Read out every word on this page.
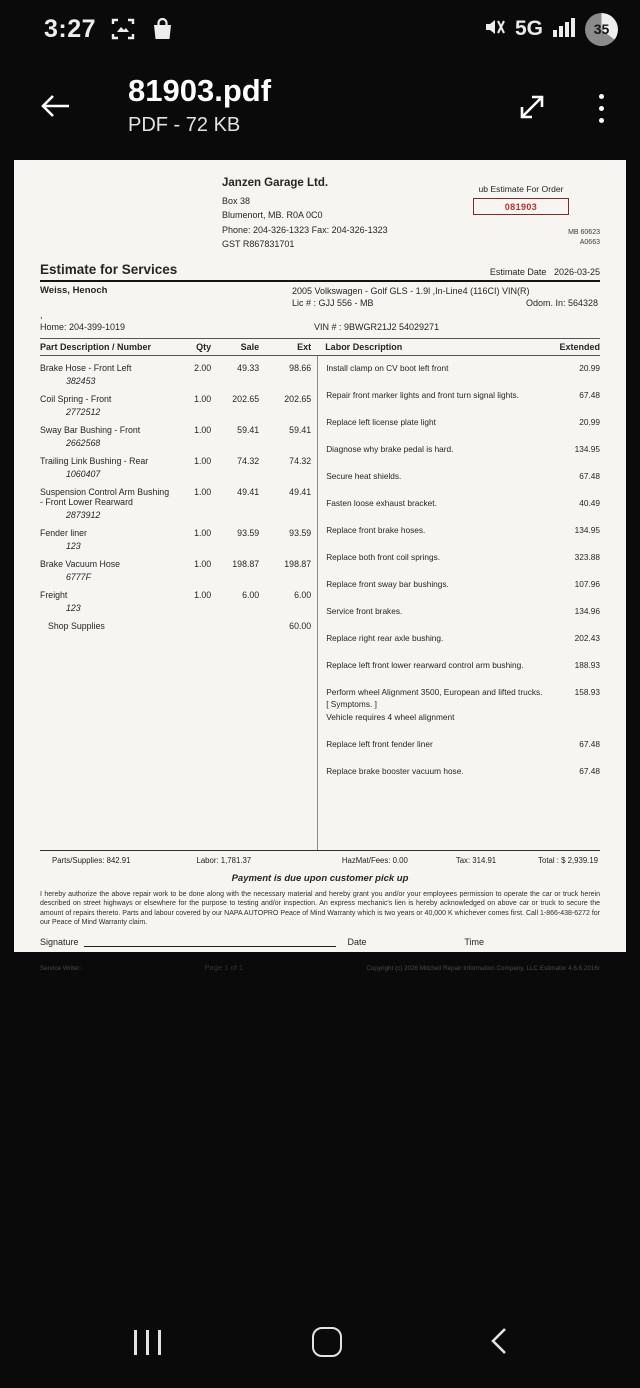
3:27	5G	35
81903.pdf
PDF - 72 KB
Janzen Garage Ltd.
Box 38
Blumenort, MB. R0A 0C0
Phone: 204-326-1323 Fax: 204-326-1323
GST R867831701
ub Estimate For Order
081903
MB 60623
A0663
Estimate for Services	Estimate Date 2026-03-25
Weiss, Henoch

,
Home: 204-399-1019
2005 Volkswagen - Golf GLS - 1.9l ,In-Line4 (116CI) VIN(R)
Lic # : GJJ 556 - MB	Odom. In: 564328
VIN # : 9BWGR21J2 54029271
Part Description / Number	Qty	Sale	Ext	Labor Description	Extended
Brake Hose - Front Left	2.00	49.33	98.66
382453
Coil Spring - Front	1.00	202.65	202.65
2772512
Sway Bar Bushing - Front	1.00	59.41	59.41
2662568
Trailing Link Bushing - Rear	1.00	74.32	74.32
1060407
Suspension Control Arm Bushing - Front Lower Rearward
1.00	49.41	49.41
2873912
Fender liner	1.00	93.59	93.59
123
Brake Vacuum Hose	1.00	198.87	198.87
6777F
Freight	1.00	6.00	6.00
123
Shop Supplies	60.00
Install clamp on CV boot left front	20.99
Repair front marker lights and front turn signal lights.	67.48
Replace left license plate light	20.99
Diagnose why brake pedal is hard.	134.95
Secure heat shields.	67.48
Fasten loose exhaust bracket.	40.49
Replace front brake hoses.	134.95
Replace both front coil springs.	323.88
Replace front sway bar bushings.	107.96
Service front brakes.	134.96
Replace right rear axle bushing.	202.43
Replace left front lower rearward control arm bushing.	188.93
Perform wheel Alignment 3500, European and lifted trucks.
[ Symptoms. ]
Vehicle requires 4 wheel alignment
158.93
Replace left front fender liner	67.48
Replace brake booster vacuum hose.	67.48
Parts/Supplies: 842.91	Labor: 1,781.37	HazMat/Fees: 0.00	Tax: 314.91	Total : $ 2,939.19
Payment is due upon customer pick up
I hereby authorize the above repair work to be done along with the necessary material and hereby grant you and/or your employees permission to operate the car or truck herein described on street highways or elsewhere for the purpose to testing and/or inspection. An express mechanic's lien is hereby acknowledged on above car or truck to secure the amount of repairs thereto. Parts and labour covered by our NAPA AUTOPRO Peace of Mind Warranty which is two years or 40,000 K whichever comes first. Call 1-866-438-6272 for our Peace of Mind Warranty claim.
Signature	Date	Time
Service Writer:	Page 1 of 1	Copyright (c) 2026 Mitchell Repair Information Company, LLC Estimator 4.6.6.2016r
